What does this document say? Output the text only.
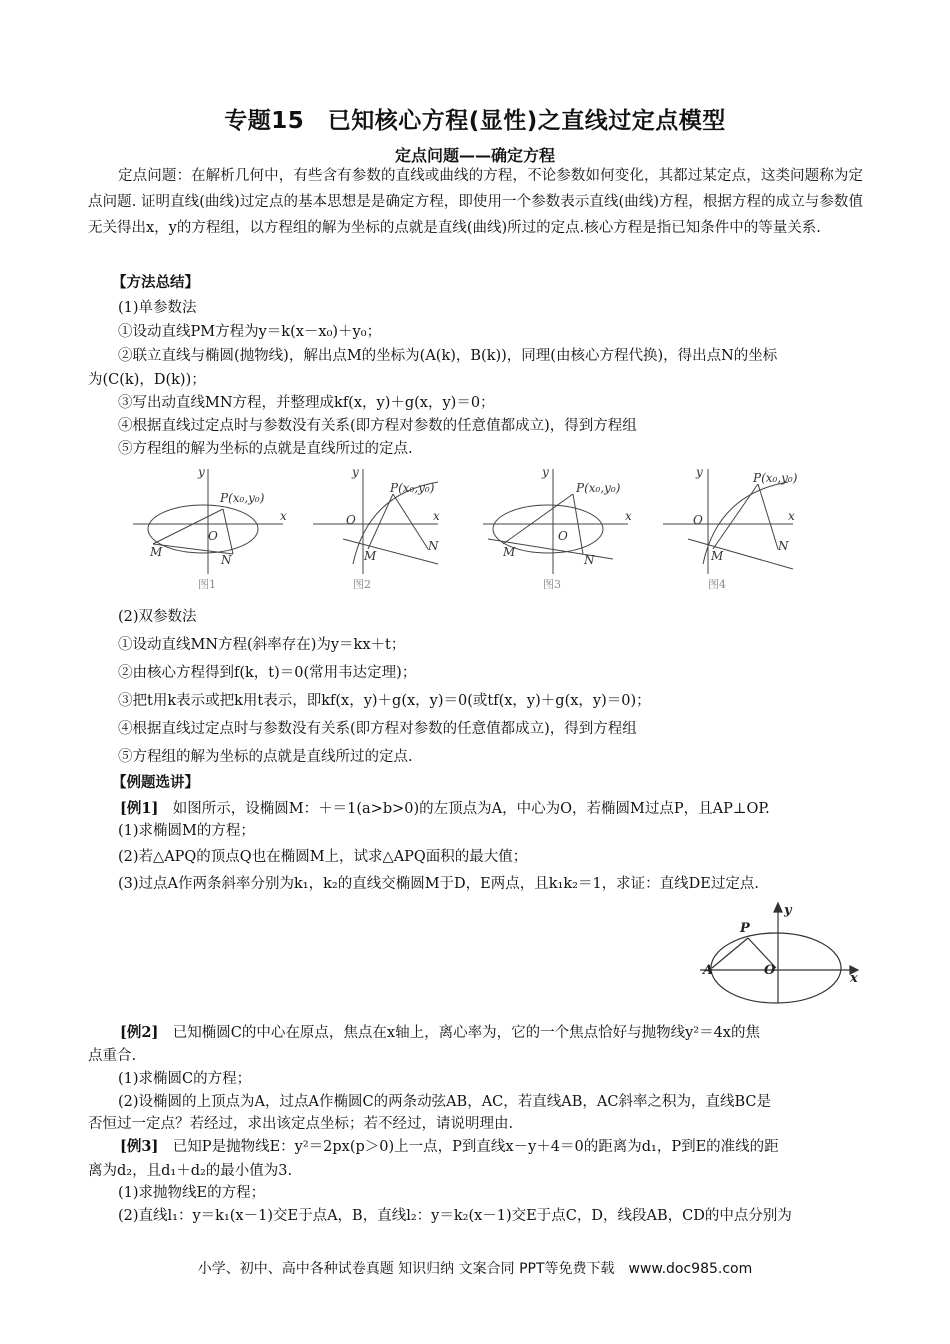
专题15　已知核心方程(显性)之直线过定点模型
定点问题——确定方程
定点问题：在解析几何中，有些含有参数的直线或曲线的方程，不论参数如何变化，其都过某定点，这类问题称为定点问题. 证明直线(曲线)过定点的基本思想是是确定方程，即使用一个参数表示直线(曲线)方程，根据方程的成立与参数值无关得出x，y的方程组，以方程组的解为坐标的点就是直线(曲线)所过的定点.核心方程是指已知条件中的等量关系.
【方法总结】
(1)单参数法
①设动直线PM方程为y＝k(x－x₀)＋y₀；
②联立直线与椭圆(抛物线)，解出点M的坐标为(A(k)，B(k))，同理(由核心方程代换)，得出点N的坐标
为(C(k)，D(k))；
③写出动直线MN方程，并整理成kf(x，y)＋g(x，y)＝0；
④根据直线过定点时与参数没有关系(即方程对参数的任意值都成立)，得到方程组
⑤方程组的解为坐标的点就是直线所过的定点.
x
y
P(x₀,y₀)
O
M
N
x
y
P(x₀,y₀)
O
M
N
x
y
P(x₀,y₀)
O
M
N
x
y	P(x₀,y₀)
O
M
N
图1	图2	图3	图4
(2)双参数法
①设动直线MN方程(斜率存在)为y＝kx＋t；
②由核心方程得到f(k，t)＝0(常用韦达定理)；
③把t用k表示或把k用t表示，即kf(x，y)＋g(x，y)＝0(或tf(x，y)＋g(x，y)＝0)；
④根据直线过定点时与参数没有关系(即方程对参数的任意值都成立)，得到方程组
⑤方程组的解为坐标的点就是直线所过的定点.
【例题选讲】
[例1]　如图所示，设椭圆M：＋＝1(a>b>0)的左顶点为A，中心为O，若椭圆M过点P，且AP⊥OP.
(1)求椭圆M的方程；
(2)若△APQ的顶点Q也在椭圆M上，试求△APQ面积的最大值；
(3)过点A作两条斜率分别为k₁，k₂的直线交椭圆M于D，E两点，且k₁k₂＝1，求证：直线DE过定点.
x
y
P
A	O
[例2]　已知椭圆C的中心在原点，焦点在x轴上，离心率为，它的一个焦点恰好与抛物线y²＝4x的焦
点重合.
(1)求椭圆C的方程；
(2)设椭圆的上顶点为A，过点A作椭圆C的两条动弦AB，AC，若直线AB，AC斜率之积为，直线BC是
否恒过一定点？若经过，求出该定点坐标；若不经过，请说明理由.
[例3]　已知P是抛物线E：y²＝2px(p＞0)上一点，P到直线x－y＋4＝0的距离为d₁，P到E的准线的距
离为d₂，且d₁＋d₂的最小值为3.
(1)求抛物线E的方程；
(2)直线l₁：y＝k₁(x－1)交E于点A，B，直线l₂：y＝k₂(x－1)交E于点C，D，线段AB，CD的中点分别为
小学、初中、高中各种试卷真题 知识归纳 文案合同 PPT等免费下载　www.doc985.com
